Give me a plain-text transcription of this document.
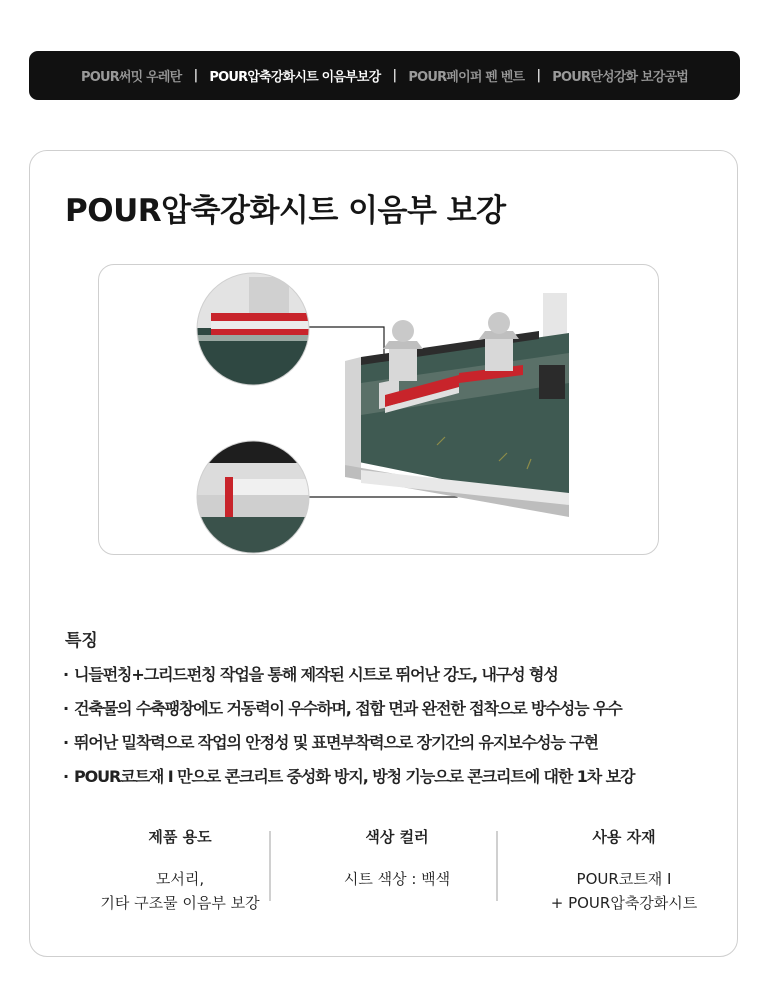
POUR써밋 우레탄 | POUR압축강화시트 이음부보강 | POUR페이퍼 펜 벤트 | POUR탄성강화 보강공법
POUR압축강화시트 이음부 보강
특징
· 니들펀칭+그리드펀칭 작업을 통해 제작된 시트로 뛰어난 강도, 내구성 형성
· 건축물의 수축팽창에도 거동력이 우수하며, 접합 면과 완전한 접착으로 방수성능 우수
· 뛰어난 밀착력으로 작업의 안정성 및 표면부착력으로 장기간의 유지보수성능 구현
· POUR코트재 I 만으로 콘크리트 중성화 방지, 방청 기능으로 콘크리트에 대한 1차 보강
제품 용도
모서리,
기타 구조물 이음부 보강
색상 컬러
시트 색상 : 백색
사용 자재
POUR코트재 I
+ POUR압축강화시트
